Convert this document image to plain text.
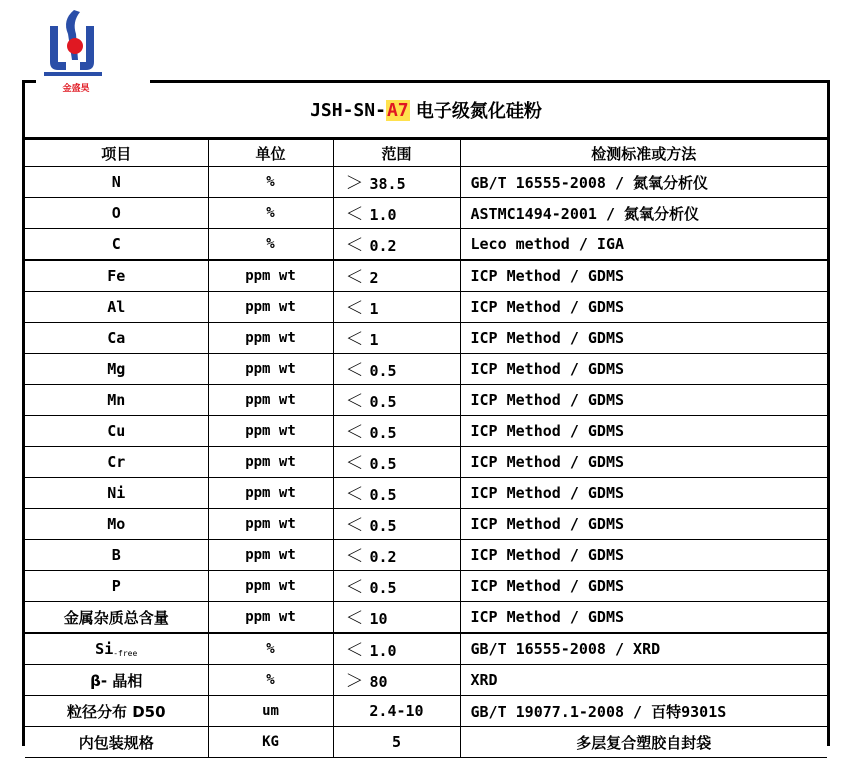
JSH-SN- A7 电子级氮化硅粉
项目	单位	范围	检测标准或方法
N	%	＞ 38.5	GB/T 16555-2008 / 氮氧分析仪
O	%	＜ 1.0	ASTMC1494-2001 / 氮氧分析仪
C	%	＜ 0.2	Leco method / IGA
Fe	ppm wt	＜ 2	ICP Method / GDMS
Al	ppm wt	＜ 1	ICP Method / GDMS
Ca	ppm wt	＜ 1	ICP Method / GDMS
Mg	ppm wt	＜ 0.5	ICP Method / GDMS
Mn	ppm wt	＜ 0.5	ICP Method / GDMS
Cu	ppm wt	＜ 0.5	ICP Method / GDMS
Cr	ppm wt	＜ 0.5	ICP Method / GDMS
Ni	ppm wt	＜ 0.5	ICP Method / GDMS
Mo	ppm wt	＜ 0.5	ICP Method / GDMS
B	ppm wt	＜ 0.2	ICP Method / GDMS
P	ppm wt	＜ 0.5	ICP Method / GDMS
金属杂质总含量	ppm wt	＜ 10	ICP Method / GDMS
$Si_{-free}$	%	＜ 1.0	GB/T 16555-2008 / XRD
β- 晶相	%	＞ 80	XRD
粒径分布 D50	um	2.4-10	GB/T 19077.1-2008 / 百特9301S
内包装规格	KG	5	多层复合塑胶自封袋
金盛昊
